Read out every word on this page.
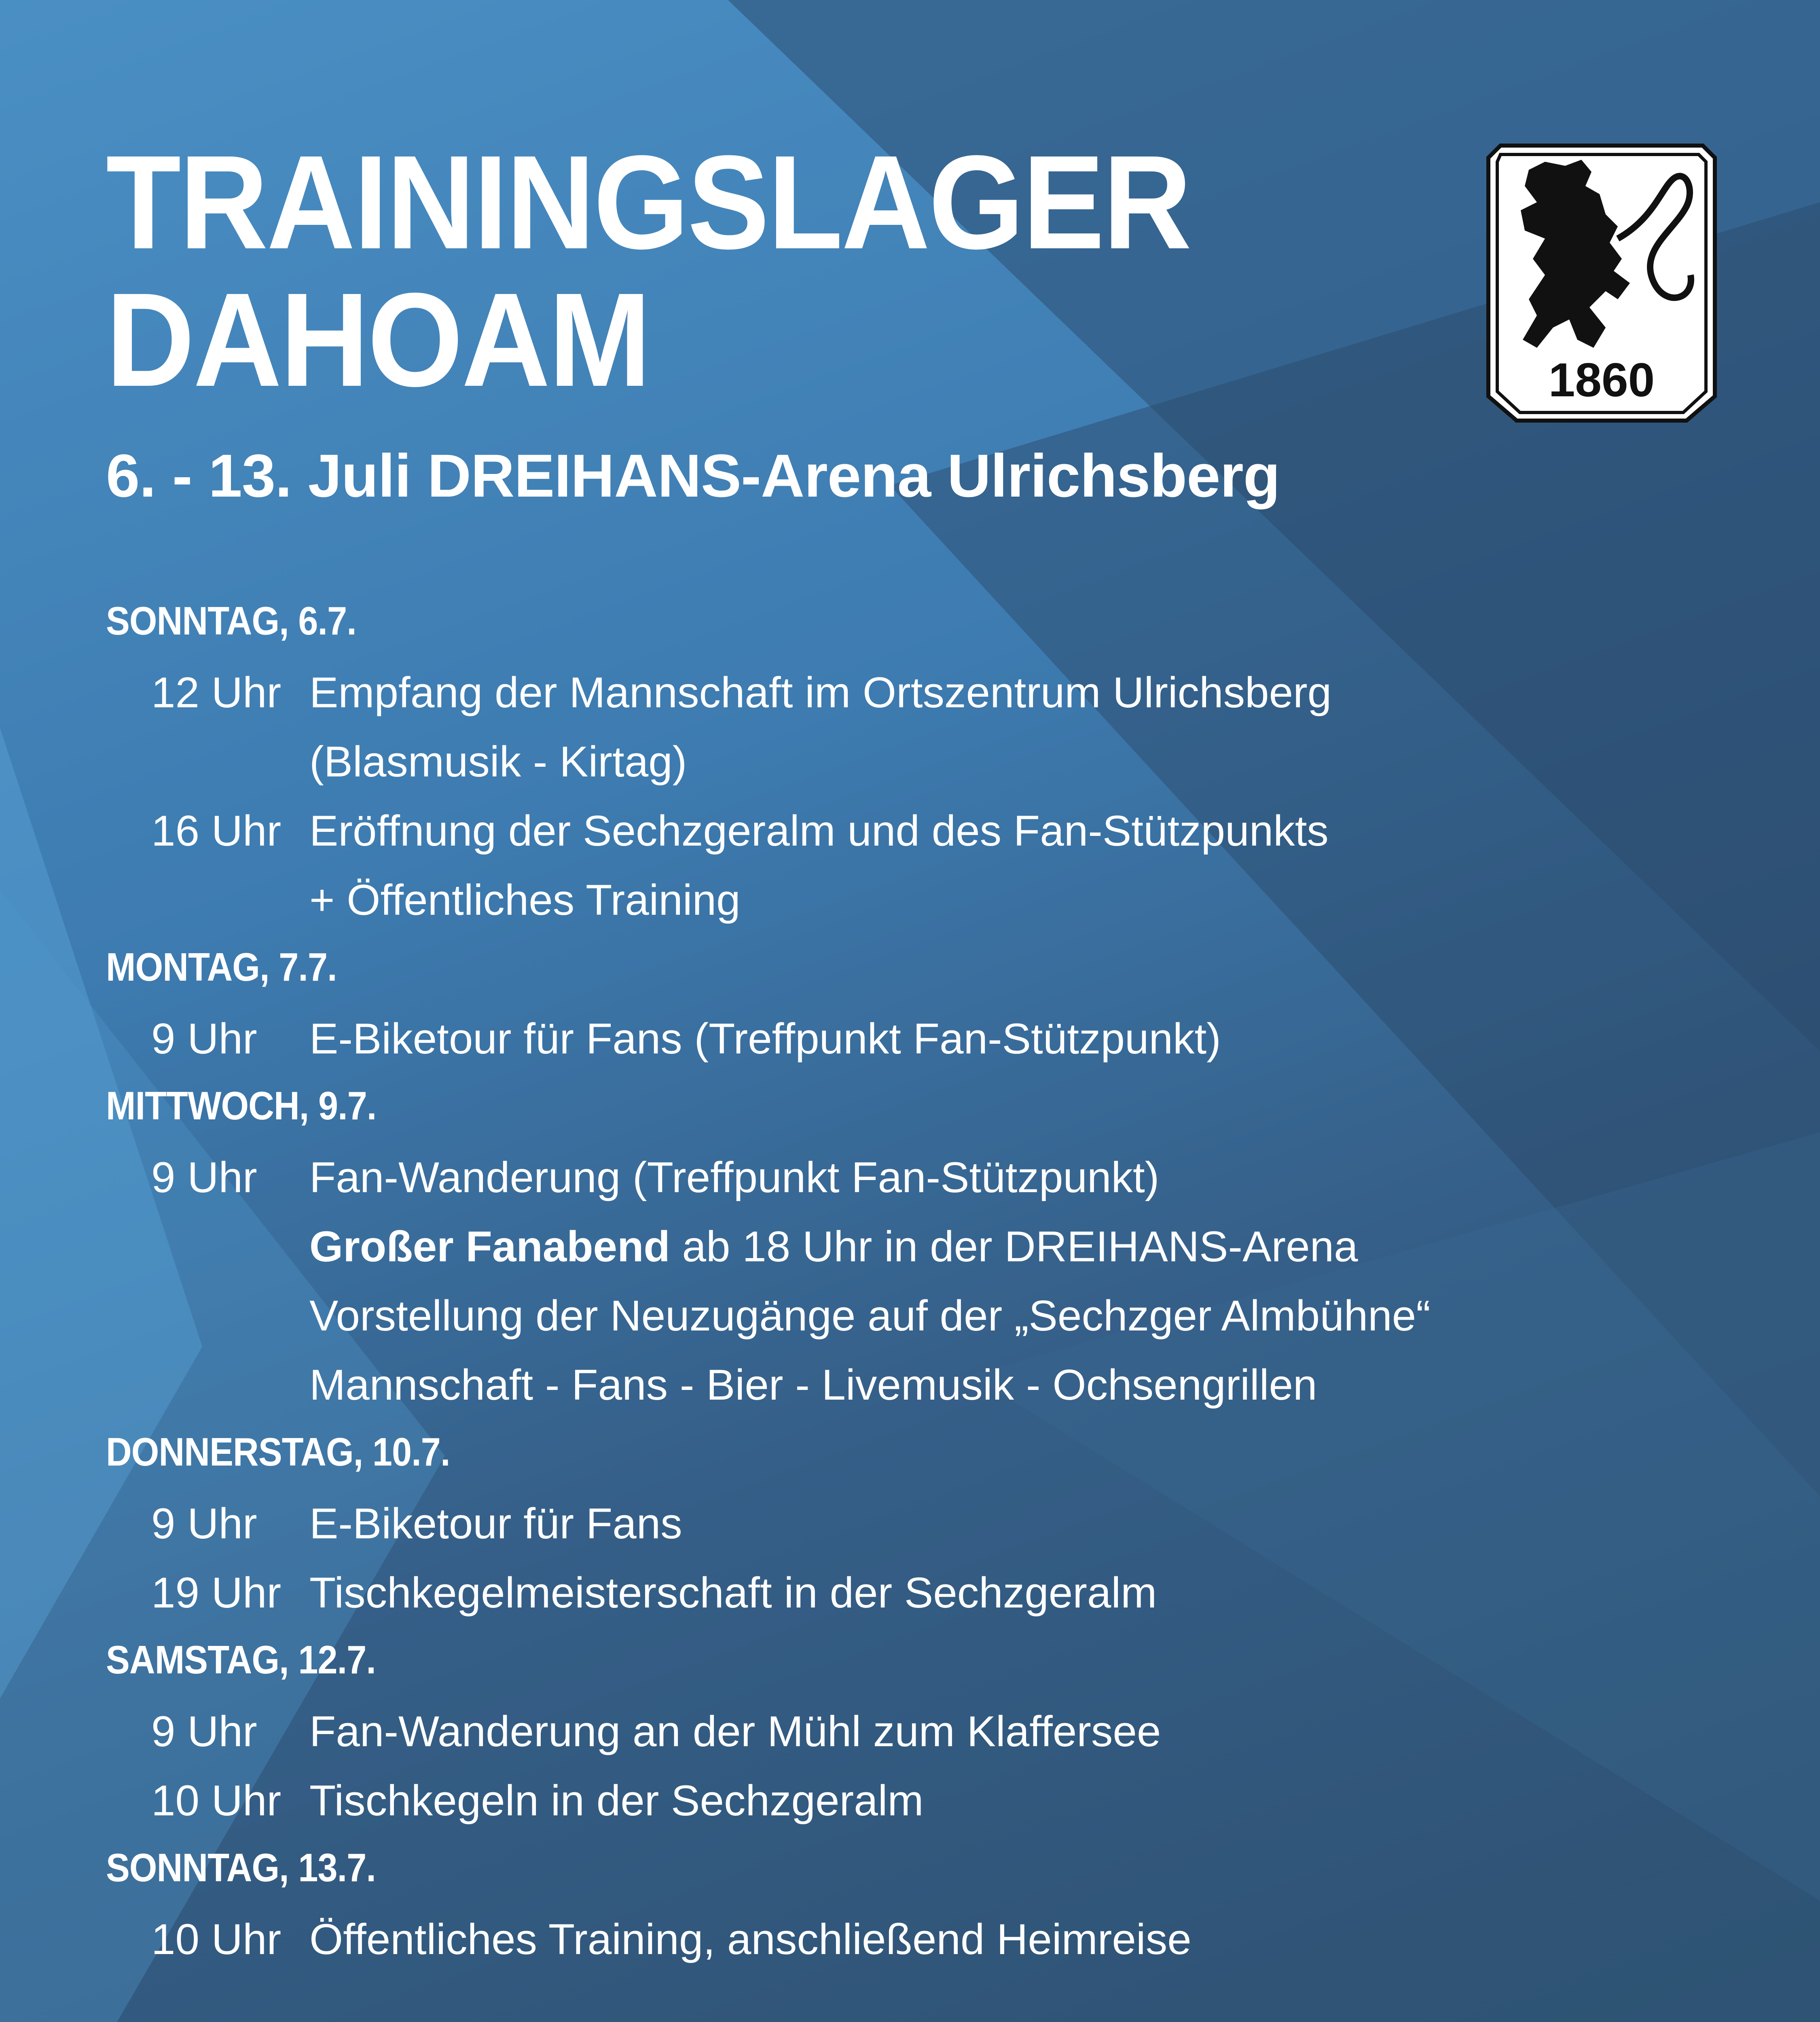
TRAININGSLAGER
DAHOAM

6. - 13. Juli DREIHANS-Arena Ulrichsberg

1860
SONNTAG, 6.7.
12 Uhr Empfang der Mannschaft im Ortszentrum Ulrichsberg
(Blasmusik - Kirtag)
16 Uhr Eröffnung der Sechzgeralm und des Fan-Stützpunkts
+ Öffentliches Training
MONTAG, 7.7.
9 Uhr	E-Biketour für Fans (Treffpunkt Fan-Stützpunkt)
MITTWOCH, 9.7.
9 Uhr	Fan-Wanderung (Treffpunkt Fan-Stützpunkt)
Großer Fanabend ab 18 Uhr in der DREIHANS-Arena
Vorstellung der Neuzugänge auf der „Sechzger Almbühne“
Mannschaft - Fans - Bier - Livemusik - Ochsengrillen
DONNERSTAG, 10.7.
9 Uhr	E-Biketour für Fans
19 Uhr Tischkegelmeisterschaft in der Sechzgeralm
SAMSTAG, 12.7.
9 Uhr	Fan-Wanderung an der Mühl zum Klaffersee
10 Uhr Tischkegeln in der Sechzgeralm
SONNTAG, 13.7.
10 Uhr Öffentliches Training, anschließend Heimreise
